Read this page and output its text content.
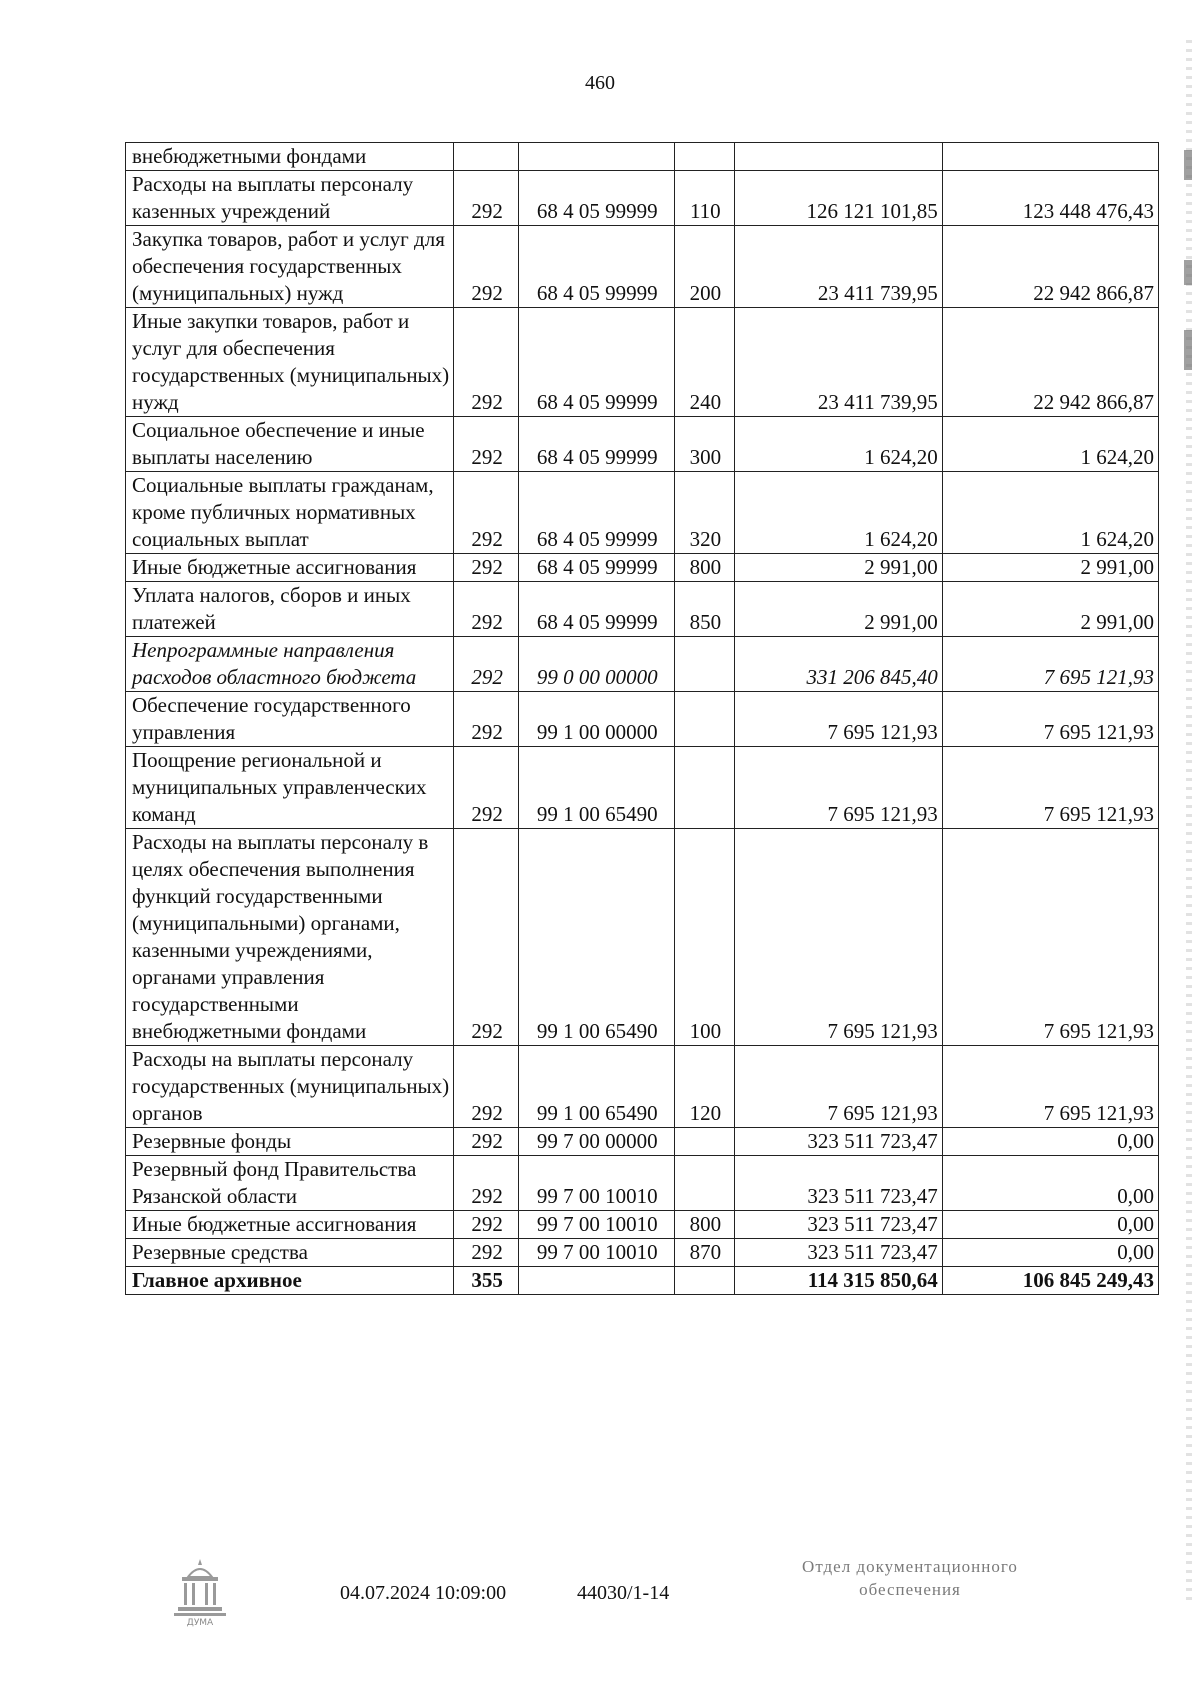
460
внебюджетными фондами					
Расходы на выплаты персоналу казенных учреждений	292	68 4 05 99999	110	126 121 101,85	123 448 476,43
Закупка товаров, работ и услуг для обеспечения государственных (муниципальных) нужд	292	68 4 05 99999	200	23 411 739,95	22 942 866,87
Иные закупки товаров, работ и услуг для обеспечения государственных (муниципальных) нужд	292	68 4 05 99999	240	23 411 739,95	22 942 866,87
Социальное обеспечение и иные выплаты населению	292	68 4 05 99999	300	1 624,20	1 624,20
Социальные выплаты гражданам, кроме публичных нормативных социальных выплат	292	68 4 05 99999	320	1 624,20	1 624,20
Иные бюджетные ассигнования	292	68 4 05 99999	800	2 991,00	2 991,00
Уплата налогов, сборов и иных платежей	292	68 4 05 99999	850	2 991,00	2 991,00
Непрограммные направления расходов областного бюджета	292	99 0 00 00000		331 206 845,40	7 695 121,93
Обеспечение государственного управления	292	99 1 00 00000		7 695 121,93	7 695 121,93
Поощрение региональной и муниципальных управленческих команд	292	99 1 00 65490		7 695 121,93	7 695 121,93
Расходы на выплаты персоналу в целях обеспечения выполнения функций государственными (муниципальными) органами, казенными учреждениями, органами управления государственными внебюджетными фондами	292	99 1 00 65490	100	7 695 121,93	7 695 121,93
Расходы на выплаты персоналу государственных (муниципальных) органов	292	99 1 00 65490	120	7 695 121,93	7 695 121,93
Резервные фонды	292	99 7 00 00000		323 511 723,47	0,00
Резервный фонд Правительства Рязанской области	292	99 7 00 10010		323 511 723,47	0,00
Иные бюджетные ассигнования	292	99 7 00 10010	800	323 511 723,47	0,00
Резервные средства	292	99 7 00 10010	870	323 511 723,47	0,00
Главное архивное	355			114 315 850,64	106 845 249,43
ДУМА
04.07.2024 10:09:00	44030/1-14
Отдел документационного
обеспечения
